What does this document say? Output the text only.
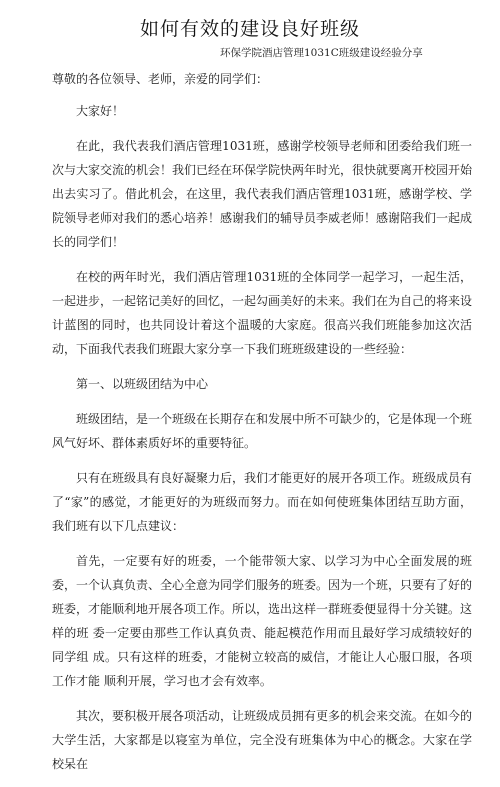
如何有效的建设良好班级
环保学院酒店管理1031C班级建设经验分享

尊敬的各位领导、老师，亲爱的同学们：

大家好！

在此，我代表我们酒店管理1031班，感谢学校领导老师和团委给我们班一 次与大家交流的机会！我们已经在环保学院快两年时光，很快就要离开校园开始 出去实习了。借此机会，在这里，我代表我们酒店管理1031班，感谢学校、学 院领导老师对我们的悉心培养！感谢我们的辅导员李威老师！感谢陪我们一起成 长的同学们！

在校的两年时光，我们酒店管理1031班的全体同学一起学习，一起生活， 一起进步，一起铭记美好的回忆，一起勾画美好的未来。我们在为自己的将来设 计蓝图的同时，也共同设计着这个温暖的大家庭。很高兴我们班能参加这次活 动，下面我代表我们班跟大家分享一下我们班班级建设的一些经验：

第一、以班级团结为中心

班级团结，是一个班级在长期存在和发展中所不可缺少的，它是体现一个班 风气好坏、群体素质好坏的重要特征。

只有在班级具有良好凝聚力后，我们才能更好的展开各项工作。班级成员有 了“家”的感觉，才能更好的为班级而努力。而在如何使班集体团结互助方面， 我们班有以下几点建议：

首先，一定要有好的班委，一个能带领大家、以学习为中心全面发展的班委，一个认真负责、全心全意为同学们服务的班委。因为一个班，只要有了好的班委，才能顺利地开展各项工作。所以，选出这样一群班委便显得十分关键。这样的班 委一定要由那些工作认真负责、能起模范作用而且最好学习成绩较好的同学组 成。只有这样的班委，才能树立较高的威信，才能让人心服口服，各项工作才能 顺利开展，学习也才会有效率。

其次，要积极开展各项活动，让班级成员拥有更多的机会来交流。在如今的 大学生活，大家都是以寝室为单位，完全没有班集体为中心的概念。大家在学 校呆在
